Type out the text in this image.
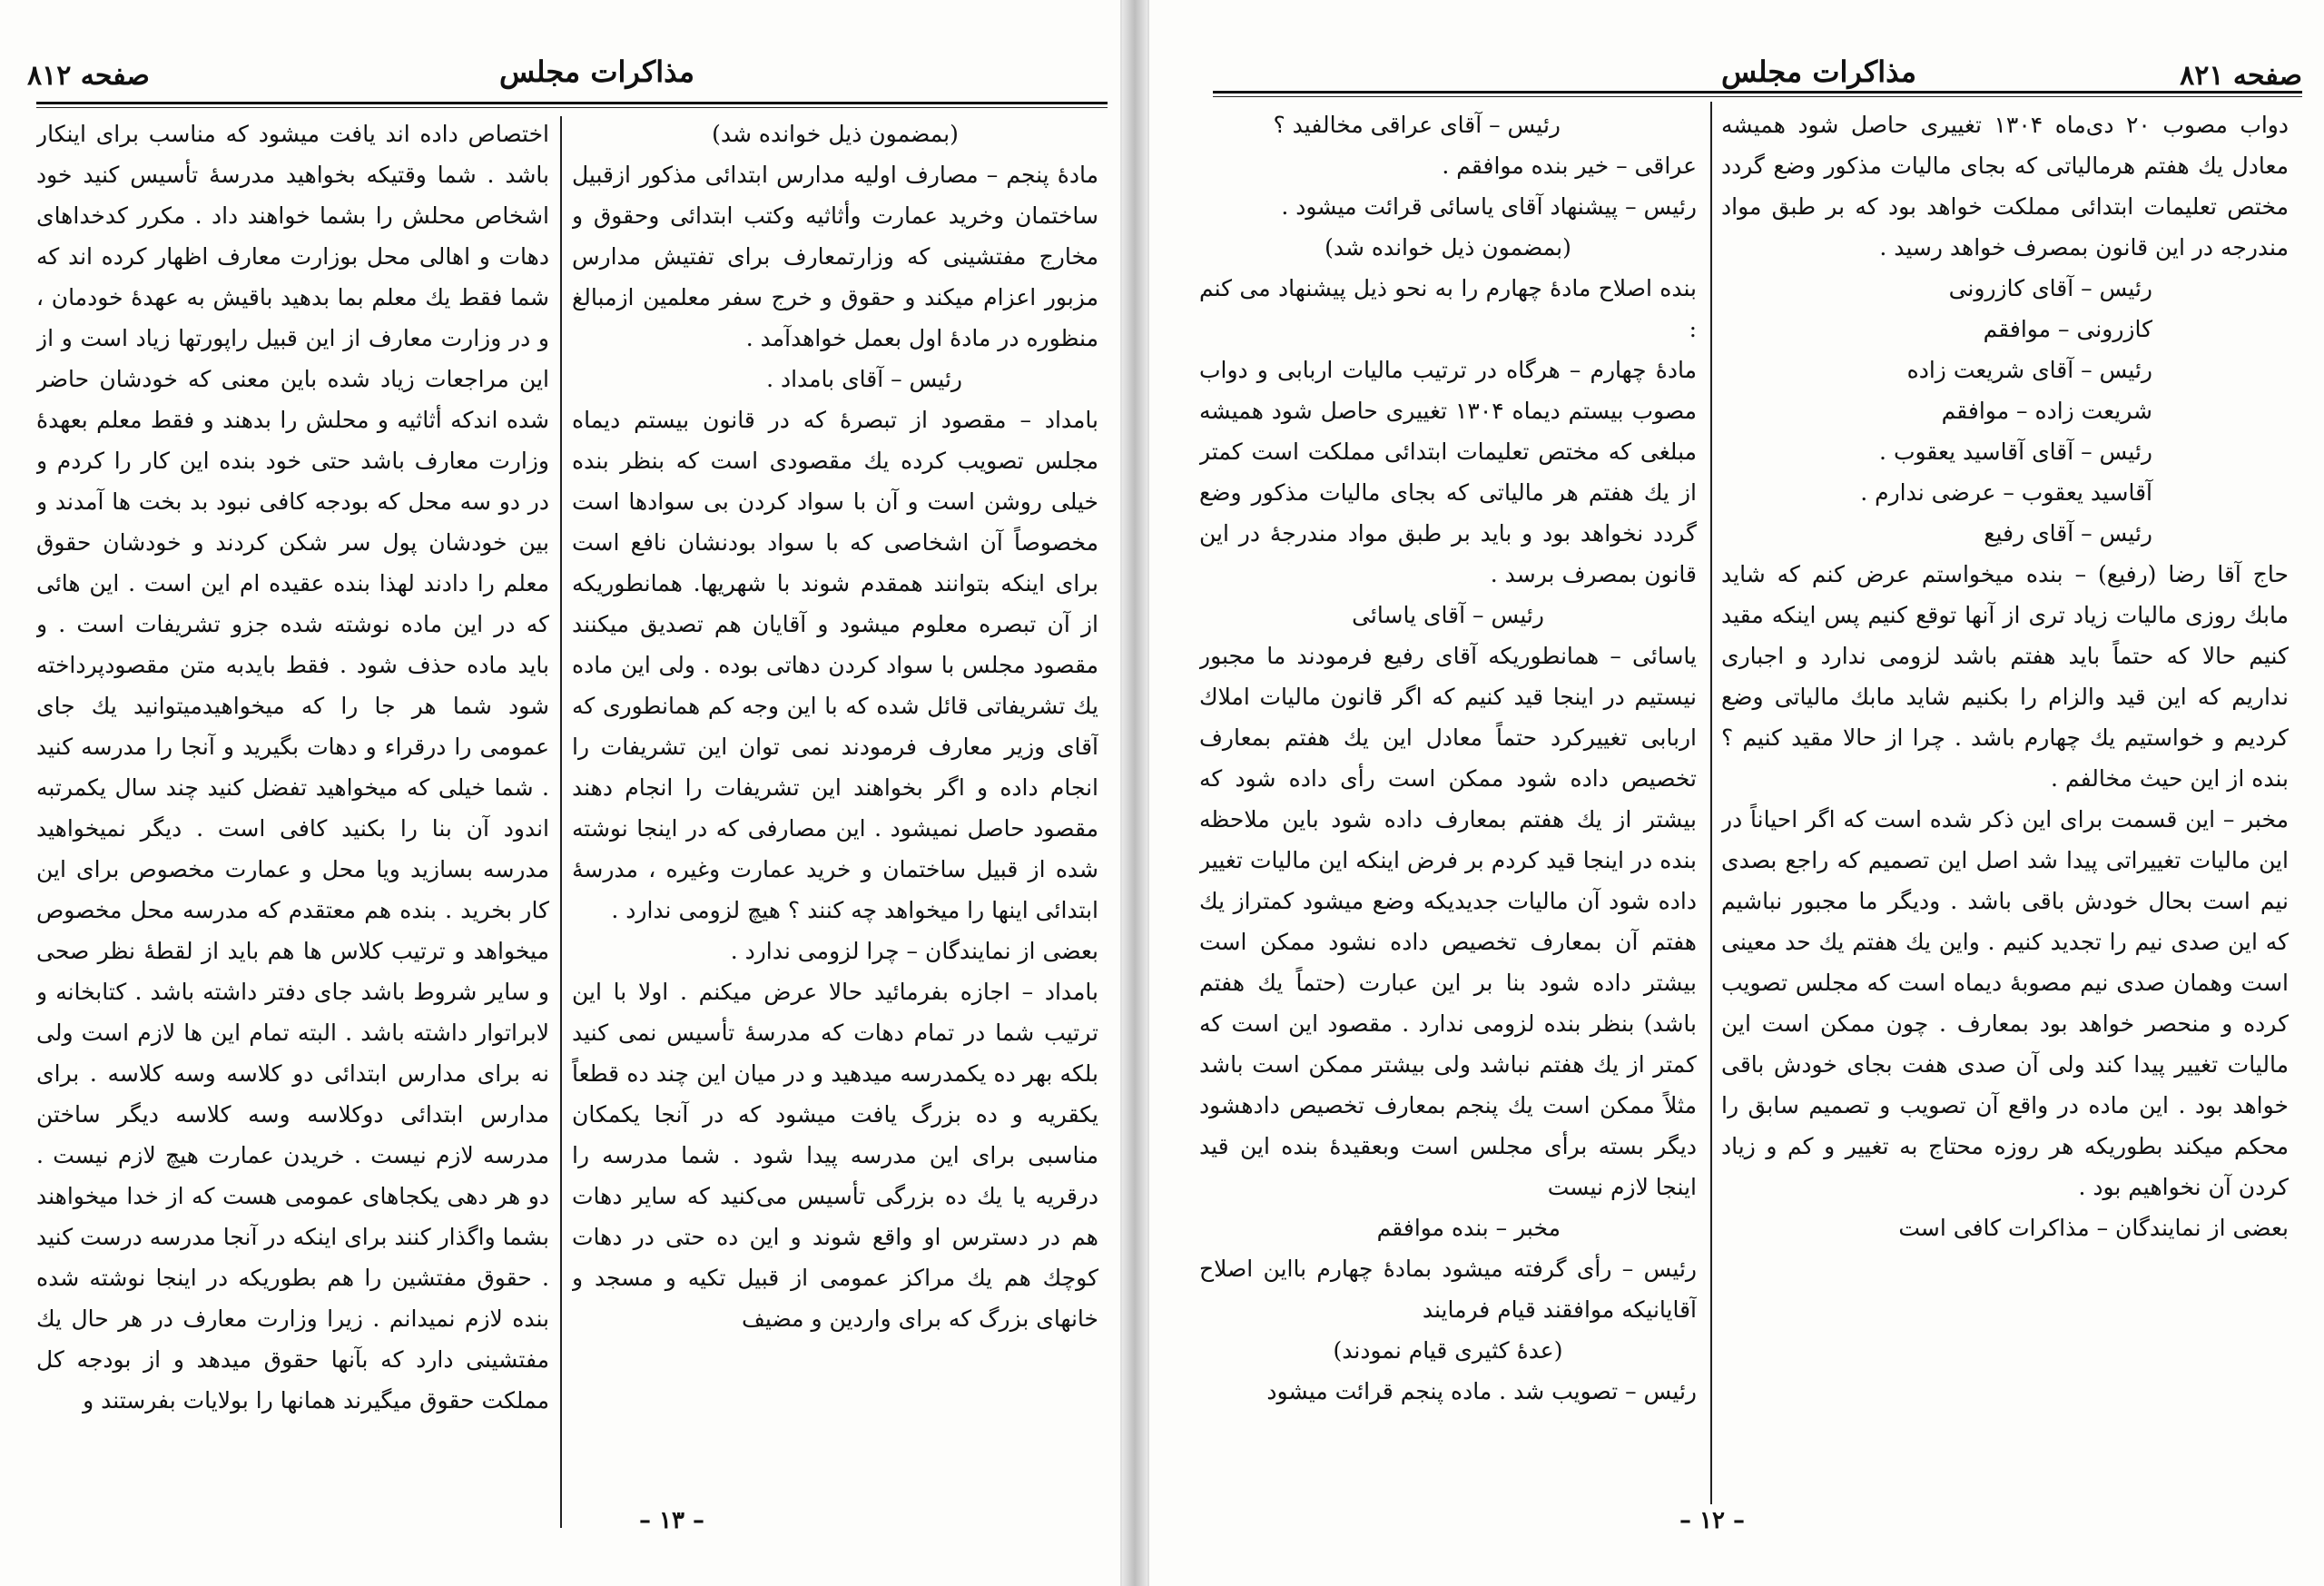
صفحه ۸۱۲	مذاکرات مجلس

(بمضمون ذیل خوانده شد)

مادهٔ پنجم – مصارف اولیه مدارس ابتدائی مذکور ازقبیل ساختمان وخرید عمارت وأثاثیه وکتب ابتدائی وحقوق و مخارج مفتشینی که وزارتمعارف برای تفتیش مدارس مزبور اعزام میکند و حقوق و خرج سفر معلمین ازمبالغ منظوره در مادهٔ اول بعمل خواهدآمد .

رئیس – آقای بامداد .

بامداد – مقصود از تبصرهٔ که در قانون بیستم دیماه مجلس تصویب کرده یك مقصودی است که بنظر بنده خیلی روشن است و آن با سواد کردن بی سوادها است مخصوصاً آن اشخاصی که با سواد بودنشان نافع است برای اینکه بتوانند همقدم شوند با شهریها. همانطوریکه از آن تبصره معلوم میشود و آقایان هم تصدیق میکنند مقصود مجلس با سواد کردن دهاتی بوده . ولی این ماده یك تشریفاتی قائل شده که با این وجه کم همانطوری که آقای وزیر معارف فرمودند نمی توان این تشریفات را انجام داده و اگر بخواهند این تشریفات را انجام دهند مقصود حاصل نمیشود . این مصارفی که در اینجا نوشته شده از قبیل ساختمان و خرید عمارت وغیره ، مدرسهٔ ابتدائی اینها را میخواهد چه کنند ؟ هیچ لزومی ندارد .

بعضی از نمایندگان – چرا لزومی ندارد .

بامداد – اجازه بفرمائید حالا عرض میکنم . اولا با این ترتیب شما در تمام دهات که مدرسهٔ تأسیس نمی کنید بلکه بهر ده یکمدرسه میدهید و در میان این چند ده قطعاً یکقریه و ده بزرگ یافت میشود که در آنجا یکمکان مناسبی برای این مدرسه پیدا شود . شما مدرسه را درقریه یا یك ده بزرگی تأسیس می‌کنید که سایر دهات هم در دسترس او واقع شوند و این ده حتی در دهات کوچك هم یك مراکز عمومی از قبیل تکیه و مسجد و خانهای بزرگ که برای واردین و مضیف

اختصاص داده اند یافت میشود که مناسب برای اینکار باشد . شما وقتیکه بخواهید مدرسهٔ تأسیس کنید خود اشخاص محلش را بشما خواهند داد . مکرر کدخداهای دهات و اهالی محل بوزارت معارف اظهار کرده اند که شما فقط یك معلم بما بدهید باقیش به عهدهٔ خودمان ، و در وزارت معارف از این قبیل راپورتها زیاد است و از این مراجعات زیاد شده باین معنی که خودشان حاضر شده اندکه أثاثیه و محلش را بدهند و فقط معلم بعهدهٔ وزارت معارف باشد حتی خود بنده این کار را کردم و در دو سه محل که بودجه کافی نبود بد بخت ها آمدند و بین خودشان پول سر شکن کردند و خودشان حقوق معلم را دادند لهذا بنده عقیده ام این است . این هائی که در این ماده نوشته شده جزو تشریفات است . و باید ماده حذف شود . فقط بایدبه متن مقصودپرداخته شود شما هر جا را که میخواهیدمیتوانید یك جای عمومی را درقراء و دهات بگیرید و آنجا را مدرسه کنید . شما خیلی که میخواهید تفضل کنید چند سال یکمرتبه اندود آن بنا را بکنید کافی است . دیگر نمیخواهید مدرسه بسازید ویا محل و عمارت مخصوص برای این کار بخرید . بنده هم معتقدم که مدرسه محل مخصوص میخواهد و ترتیب کلاس ها هم باید از لقطهٔ نظر صحی و سایر شروط باشد جای دفتر داشته باشد . کتابخانه و لابراتوار داشته باشد . البته تمام این ها لازم است ولی نه برای مدارس ابتدائی دو کلاسه وسه کلاسه . برای مدارس ابتدائی دوکلاسه وسه کلاسه دیگر ساختن مدرسه لازم نیست . خریدن عمارت هیچ لازم نیست . دو هر دهی یکجاهای عمومی هست که از خدا میخواهند بشما واگذار کنند برای اینکه در آنجا مدرسه درست کنید . حقوق مفتشین را هم بطوریکه در اینجا نوشته شده بنده لازم نمیدانم . زیرا وزارت معارف در هر حال یك مفتشینی دارد که بآنها حقوق میدهد و از بودجه کل مملکت حقوق میگیرند همانها را بولایات بفرستند و

– ۱۳ –
مذاکرات مجلس	صفحه ۸۲۱

دواب مصوب ۲۰ دی‌ماه ۱۳۰۴ تغییری حاصل شود همیشه معادل یك هفتم هرمالیاتی که بجای مالیات مذکور وضع گردد مختص تعلیمات ابتدائی مملکت خواهد بود که بر طبق مواد مندرجه در این قانون بمصرف خواهد رسید .

رئیس – آقای کازرونی

کازرونی – موافقم

رئیس – آقای شریعت زاده

شریعت زاده – موافقم

رئیس – آقای آقاسید یعقوب .

آقاسید یعقوب – عرضی ندارم .

رئیس – آقای رفیع

حاج آقا رضا (رفیع) – بنده میخواستم عرض کنم که شاید مابك روزی مالیات زیاد تری از آنها توقع کنیم پس اینکه مقید کنیم حالا که حتماً باید هفتم باشد لزومی ندارد و اجباری نداریم که این قید والزام را بکنیم شاید مابك مالیاتی وضع کردیم و خواستیم یك چهارم باشد . چرا از حالا مقید کنیم ؟ بنده از این حیث مخالفم .

مخبر – این قسمت برای این ذکر شده است که اگر احیاناً در این مالیات تغییراتی پیدا شد اصل این تصمیم که راجع بصدی نیم است بحال خودش باقی باشد . ودیگر ما مجبور نباشیم که این صدی نیم را تجدید کنیم . واین یك هفتم یك حد معینی است وهمان صدی نیم مصوبهٔ دیماه است که مجلس تصویب کرده و منحصر خواهد بود بمعارف . چون ممکن است این مالیات تغییر پیدا کند ولی آن صدی هفت بجای خودش باقی خواهد بود . این ماده در واقع آن تصویب و تصمیم سابق را محکم میکند بطوریکه هر روزه محتاج به تغییر و کم و زیاد کردن آن نخواهیم بود .

بعضی از نمایندگان – مذاکرات کافی است

رئیس – آقای عراقی مخالفید ؟

عراقی – خیر بنده موافقم .

رئیس – پیشنهاد آقای یاسائی قرائت میشود .

(بمضمون ذیل خوانده شد)

بنده اصلاح مادهٔ چهارم را به نحو ذیل پیشنهاد می کنم :

مادهٔ چهارم – هرگاه در ترتیب مالیات اربابی و دواب مصوب بیستم دیماه ۱۳۰۴ تغییری حاصل شود همیشه مبلغی که مختص تعلیمات ابتدائی مملکت است کمتر از یك هفتم هر مالیاتی که بجای مالیات مذکور وضع گردد نخواهد بود و باید بر طبق مواد مندرجهٔ در این قانون بمصرف برسد .

رئیس – آقای یاسائی

یاسائی – همانطوریکه آقای رفیع فرمودند ما مجبور نیستیم در اینجا قید کنیم که اگر قانون مالیات املاك اربابی تغییرکرد حتماً معادل این یك هفتم بمعارف تخصیص داده شود ممکن است رأی داده شود که بیشتر از یك هفتم بمعارف داده شود باین ملاحظه بنده در اینجا قید کردم بر فرض اینکه این مالیات تغییر داده شود آن مالیات جدیدیکه وضع میشود کمتراز یك هفتم آن بمعارف تخصیص داده نشود ممکن است بیشتر داده شود بنا بر این عبارت (حتماً یك هفتم باشد) بنظر بنده لزومی ندارد . مقصود این است که کمتر از یك هفتم نباشد ولی بیشتر ممکن است باشد مثلاً ممکن است یك پنجم بمعارف تخصیص دادهشود دیگر بسته برأی مجلس است وبعقیدهٔ بنده این قید اینجا لازم نیست

مخبر – بنده موافقم

رئیس – رأی گرفته میشود بمادهٔ چهارم بااین اصلاح آقایانیکه موافقند قیام فرمایند

(عدهٔ کثیری قیام نمودند)

رئیس – تصویب شد . ماده پنجم قرائت میشود

– ۱۲ –
